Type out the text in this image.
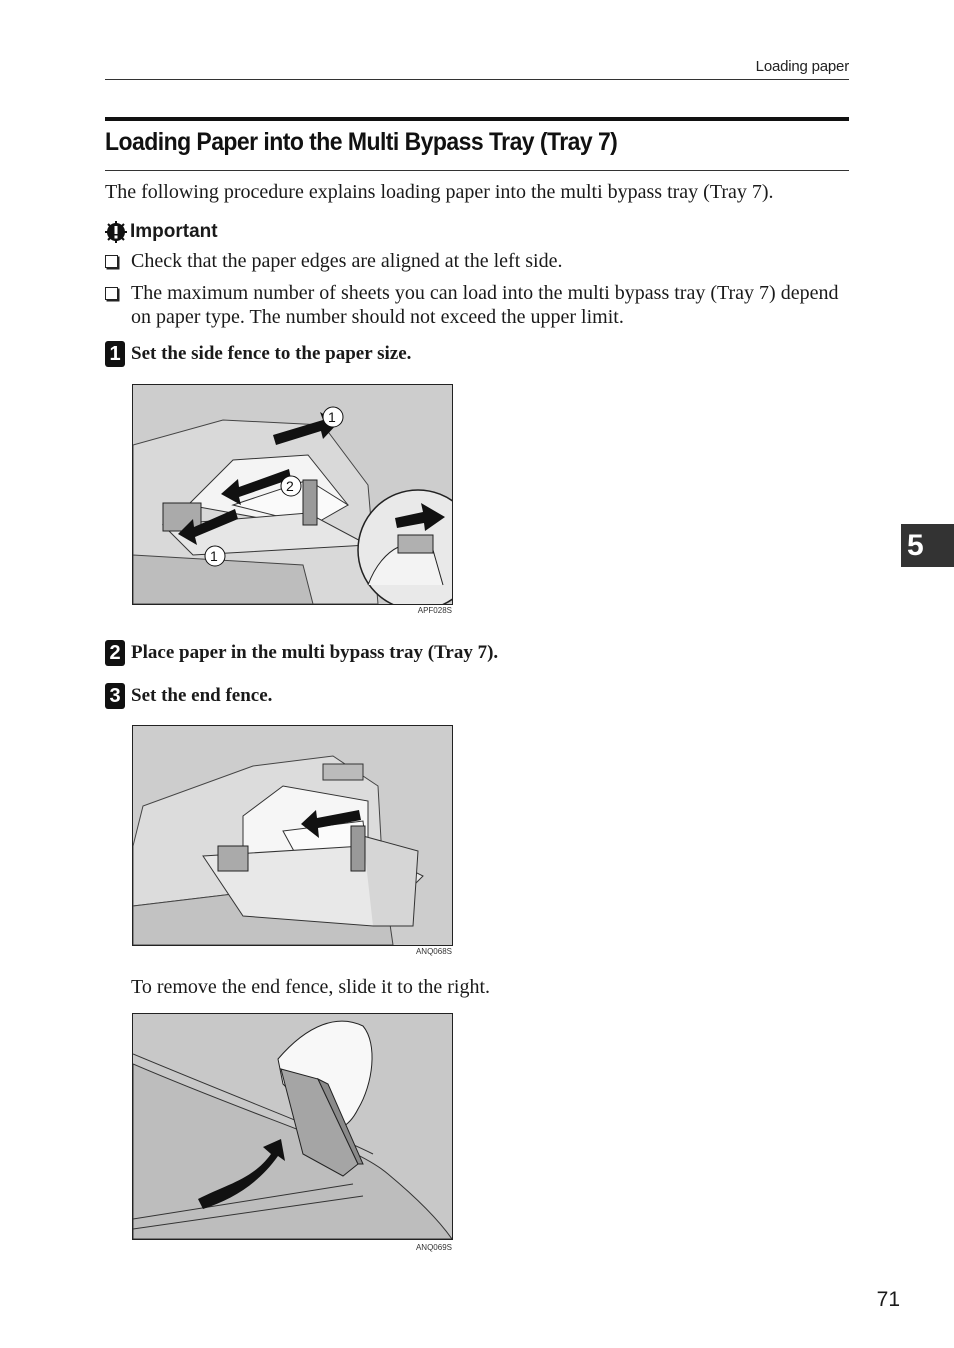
Loading paper
Loading Paper into the Multi Bypass Tray (Tray 7)
The following procedure explains loading paper into the multi bypass tray (Tray 7).
Important
Check that the paper edges are aligned at the left side.
The maximum number of sheets you can load into the multi bypass tray (Tray 7) depend on paper type. The number should not exceed the upper limit.
1 Set the side fence to the paper size.
1
2
1
APF028S
2 Place paper in the multi bypass tray (Tray 7).
3 Set the end fence.
ANQ068S
To remove the end fence, slide it to the right.
ANQ069S
5
71
